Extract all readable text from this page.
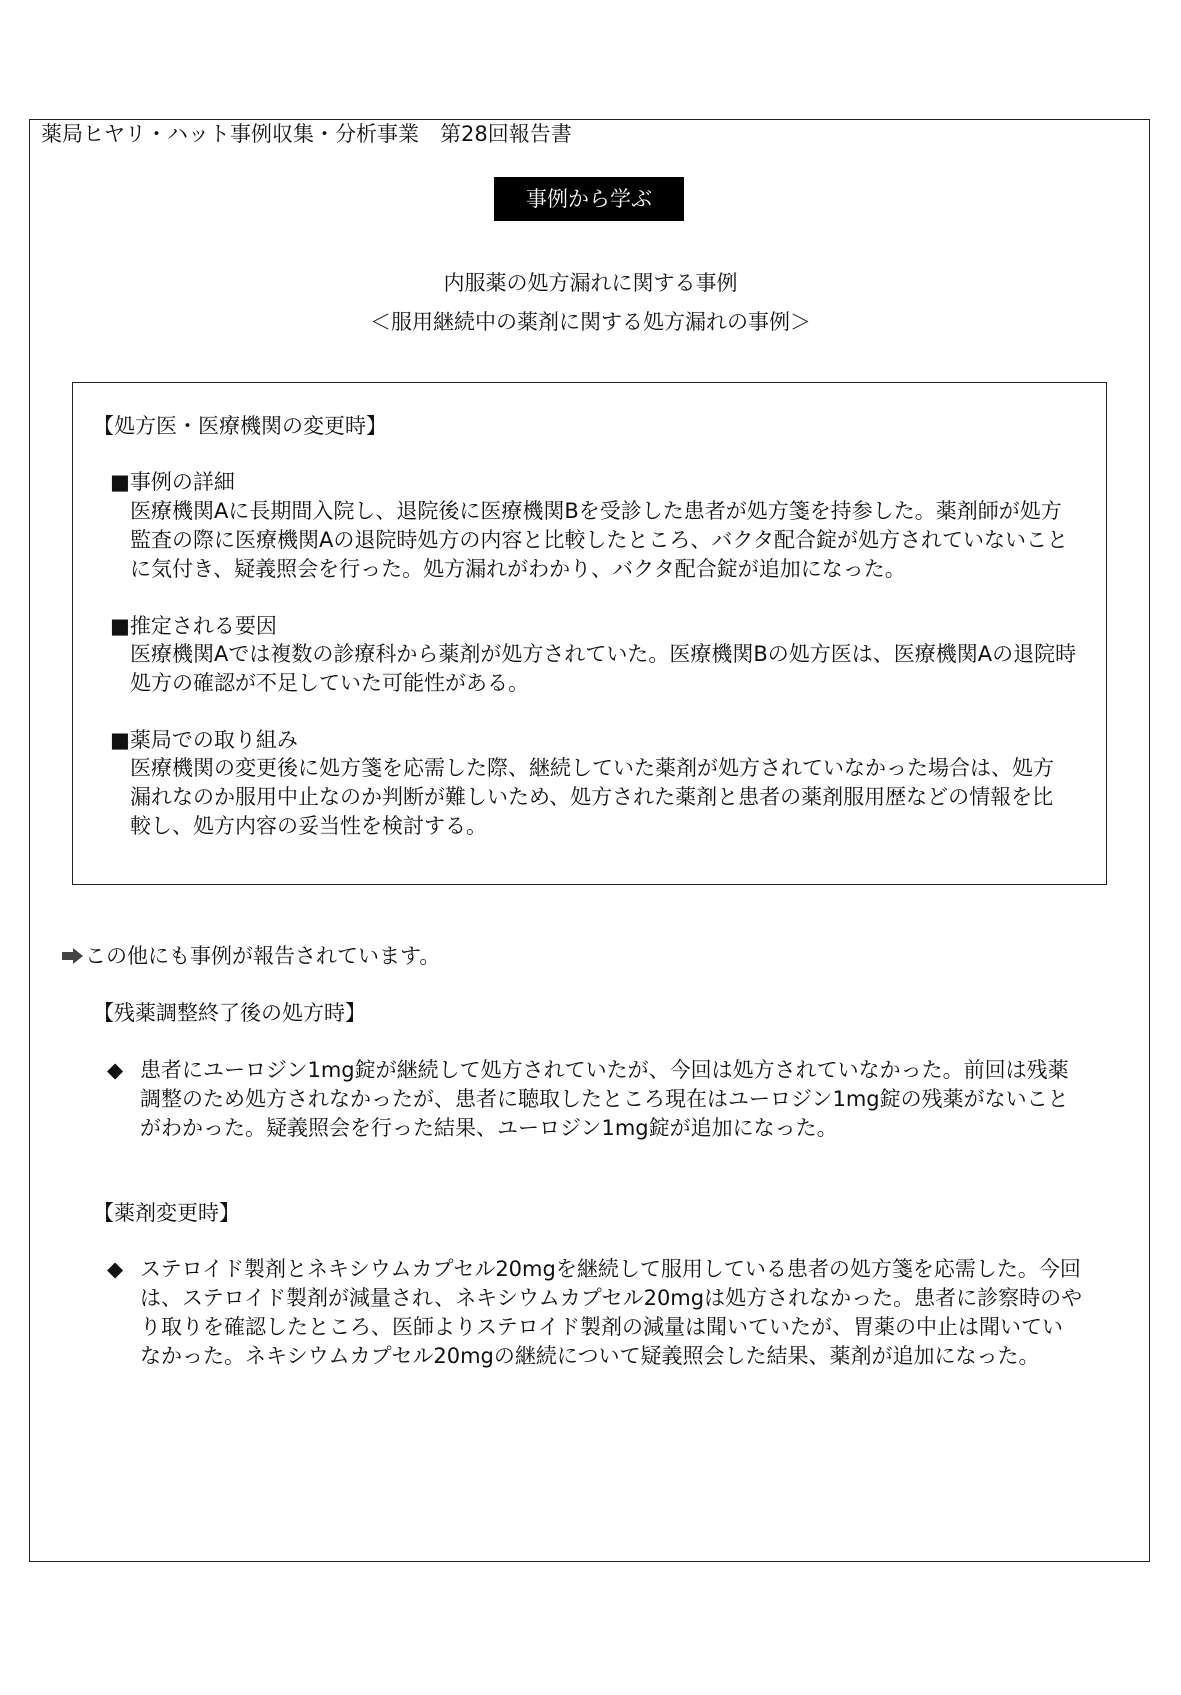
薬局ヒヤリ・ハット事例収集・分析事業　第28回報告書
事例から学ぶ
内服薬の処方漏れに関する事例
＜服用継続中の薬剤に関する処方漏れの事例＞
【処方医・医療機関の変更時】
■事例の詳細
医療機関Aに長期間入院し、退院後に医療機関Bを受診した患者が処方箋を持参した。薬剤師が処方
監査の際に医療機関Aの退院時処方の内容と比較したところ、バクタ配合錠が処方されていないこと
に気付き、疑義照会を行った。処方漏れがわかり、バクタ配合錠が追加になった。
■推定される要因
医療機関Aでは複数の診療科から薬剤が処方されていた。医療機関Bの処方医は、医療機関Aの退院時
処方の確認が不足していた可能性がある。
■薬局での取り組み
医療機関の変更後に処方箋を応需した際、継続していた薬剤が処方されていなかった場合は、処方
漏れなのか服用中止なのか判断が難しいため、処方された薬剤と患者の薬剤服用歴などの情報を比
較し、処方内容の妥当性を検討する。
この他にも事例が報告されています。
【残薬調整終了後の処方時】
◆ 患者にユーロジン1mg錠が継続して処方されていたが、今回は処方されていなかった。前回は残薬
調整のため処方されなかったが、患者に聴取したところ現在はユーロジン1mg錠の残薬がないこと
がわかった。疑義照会を行った結果、ユーロジン1mg錠が追加になった。
【薬剤変更時】
◆ ステロイド製剤とネキシウムカプセル20mgを継続して服用している患者の処方箋を応需した。今回
は、ステロイド製剤が減量され、ネキシウムカプセル20mgは処方されなかった。患者に診察時のや
り取りを確認したところ、医師よりステロイド製剤の減量は聞いていたが、胃薬の中止は聞いてい
なかった。ネキシウムカプセル20mgの継続について疑義照会した結果、薬剤が追加になった。
